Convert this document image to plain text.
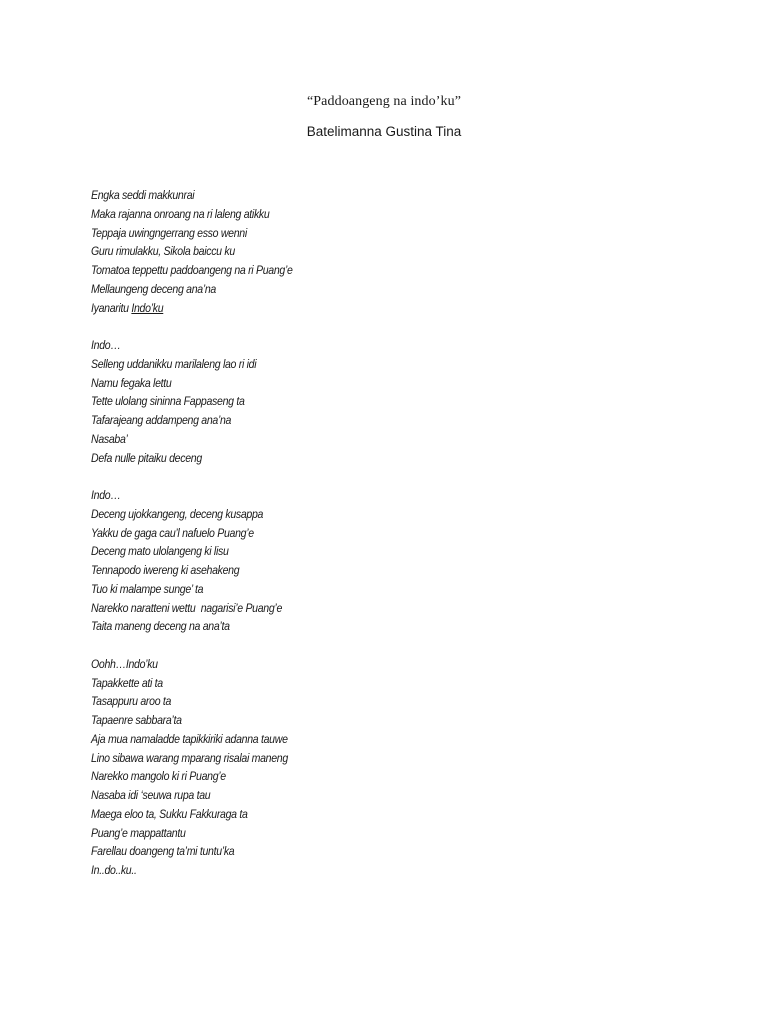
“Paddoangeng na indo’ku”
Batelimanna Gustina Tina
Engka seddi makkunrai
Maka rajanna onroang na ri laleng atikku
Teppaja uwingngerrang esso wenni
Guru rimulakku, Sikola baiccu ku
Tomatoa teppettu paddoangeng na ri Puang’e
Mellaungeng deceng ana’na
Iyanaritu Indo’ku
Indo…
Selleng uddanikku marilaleng lao ri idi
Namu fegaka lettu
Tette ulolang sininna Fappaseng ta
Tafarajeang addampeng ana’na
Nasaba’
Defa nulle pitaiku deceng
Indo…
Deceng ujokkangeng, deceng kusappa
Yakku de gaga cau’l nafuelo Puang’e
Deceng mato ulolangeng ki lisu
Tennapodo iwereng ki asehakeng
Tuo ki malampe sunge’ ta
Narekko naratteni wettu  nagarisi’e Puang’e
Taita maneng deceng na ana’ta
Oohh…Indo’ku
Tapakkette ati ta
Tasappuru aroo ta
Tapaenre sabbara’ta
Aja mua namaladde tapikkiriki adanna tauwe
Lino sibawa warang mparang risalai maneng
Narekko mangolo ki ri Puang’e
Nasaba idi ‘seuwa rupa tau
Maega eloo ta, Sukku Fakkuraga ta
Puang’e mappattantu
Farellau doangeng ta’mi tuntu’ka
In..do..ku..
